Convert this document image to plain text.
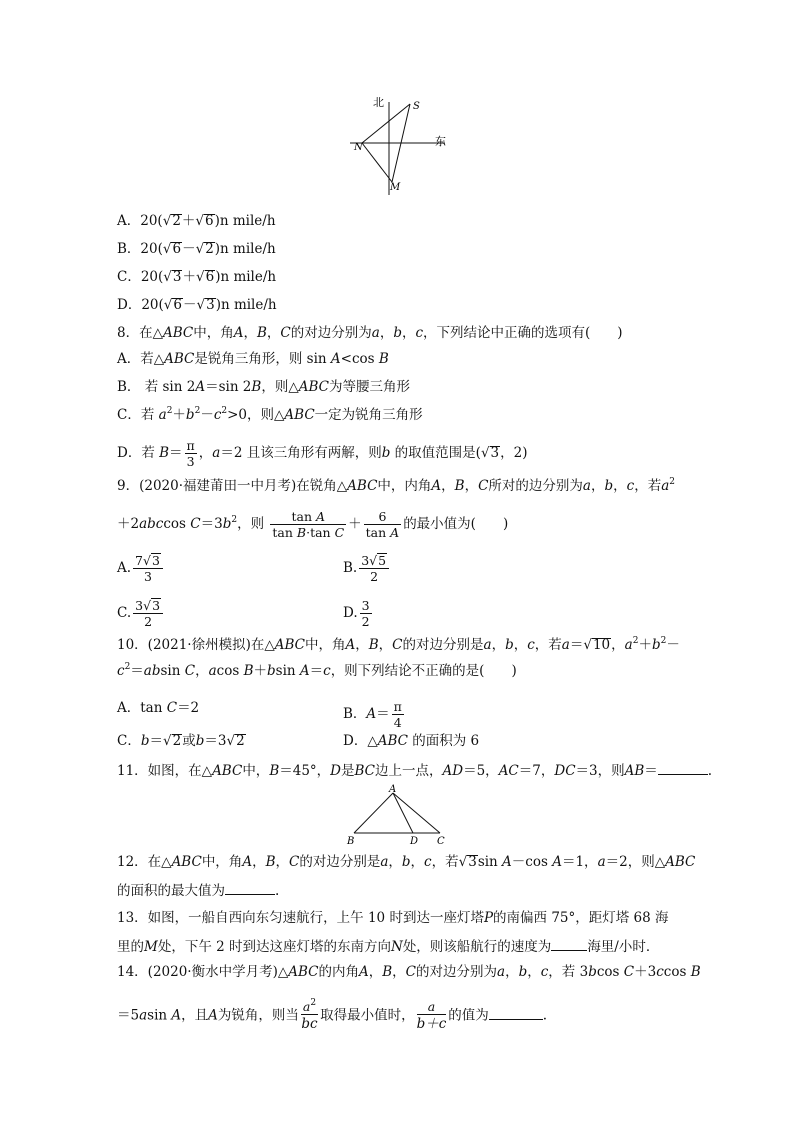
北
东
S
N
M
A．20(√2＋√6)n mile/h
B．20(√6－√2)n mile/h
C．20(√3＋√6)n mile/h
D．20(√6－√3)n mile/h
8．在△ABC中，角A，B，C的对边分别为a，b，c，下列结论中正确的选项有(　　)
A．若△ABC是锐角三角形，则 sin A<cos B
B． 若 sin 2A＝sin 2B，则△ABC为等腰三角形
C．若 $a^2+b^2-c^2>0$，则△ABC一定为锐角三角形
D．若 $B= \frac{\pi}{3}$ ，a＝2 且该三角形有两解，则b 的取值范围是(√3，2)
9．(2020·福建莆田一中月考)在锐角△ABC中，内角A，B，C所对的边分别为a，b，c，若$a^2$
＋2abccos $C=3b^2$，则 $\frac{\text{tan A}}{\text{tan B·tan C}} + \frac{6}{\text{tan A}}$ 的最小值为(　　)
A. $\frac{7√3}{3}$	B. $\frac{3√5}{2}$
C. $\frac{3√3}{2}$	D. $\frac{3}{2}$
10．(2021·徐州模拟)在△ABC中，角A，B，C的对边分别是a，b，c，若a＝√10，$a^2+b^2-$
$c^2=absin$ C，acos B＋bsin A＝c，则下列结论不正确的是(　　)
A．tan C＝2	B．$A= \frac{\pi}{4}$
C．b＝√2或b＝3√2	D．△ABC 的面积为 6
11．如图，在△ABC中，B＝45°，D是BC边上一点，AD＝5，AC＝7，DC＝3，则AB＝	.
A
B	D C
12．在△ABC中，角A，B，C的对边分别是a，b，c，若√3sin A－cos A＝1，a＝2，则△ABC
的面积的最大值为	.
13．如图，一船自西向东匀速航行，上午 10 时到达一座灯塔P的南偏西 75°，距灯塔 68 海
里的M处，下午 2 时到达这座灯塔的东南方向N处，则该船航行的速度为	海里/小时．
14．(2020·衡水中学月考)△ABC的内角A，B，C的对边分别为a，b，c，若 3bcos C＋3ccos B
＝5asin A，且A为锐角，则当 $\frac{a^2}{bc}$ 取得最小值时， $\frac{a}{b+c}$ 的值为	.
